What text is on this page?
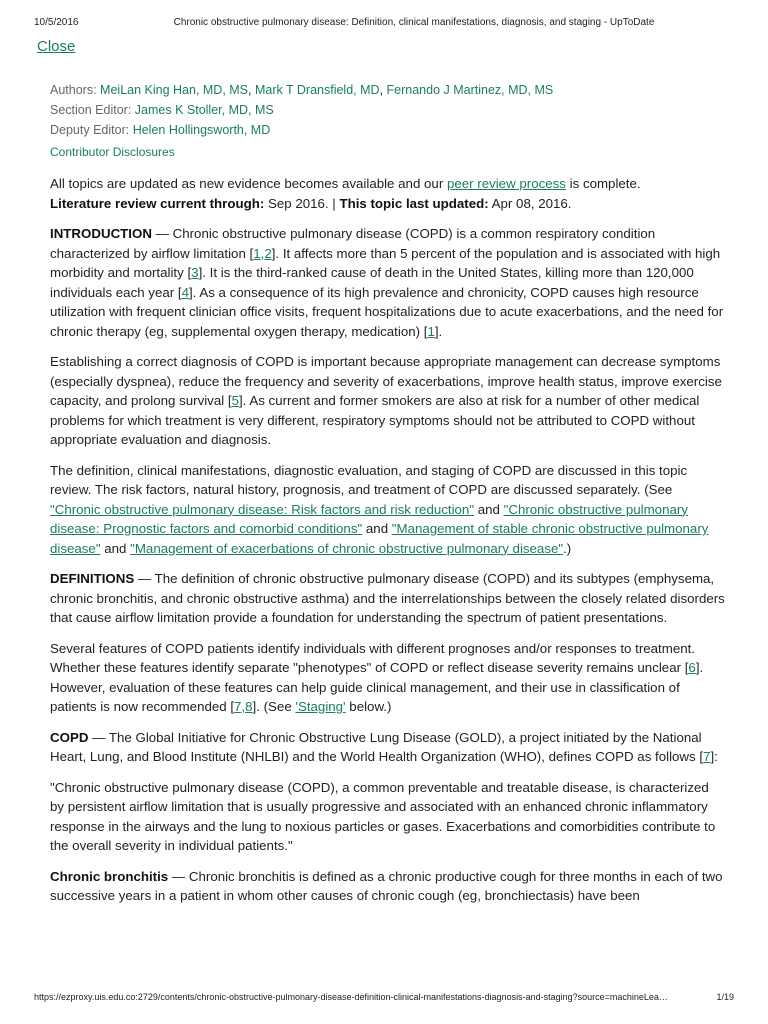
10/5/2016	Chronic obstructive pulmonary disease: Definition, clinical manifestations, diagnosis, and staging - UpToDate
Close
Authors: MeiLan King Han, MD, MS, Mark T Dransfield, MD, Fernando J Martinez, MD, MS
Section Editor: James K Stoller, MD, MS
Deputy Editor: Helen Hollingsworth, MD
Contributor Disclosures

All topics are updated as new evidence becomes available and our peer review process is complete.
Literature review current through: Sep 2016. | This topic last updated: Apr 08, 2016.

INTRODUCTION — Chronic obstructive pulmonary disease (COPD) is a common respiratory condition characterized by airflow limitation [1,2]. It affects more than 5 percent of the population and is associated with high morbidity and mortality [3]. It is the third-ranked cause of death in the United States, killing more than 120,000 individuals each year [4]. As a consequence of its high prevalence and chronicity, COPD causes high resource utilization with frequent clinician office visits, frequent hospitalizations due to acute exacerbations, and the need for chronic therapy (eg, supplemental oxygen therapy, medication) [1].

Establishing a correct diagnosis of COPD is important because appropriate management can decrease symptoms (especially dyspnea), reduce the frequency and severity of exacerbations, improve health status, improve exercise capacity, and prolong survival [5]. As current and former smokers are also at risk for a number of other medical problems for which treatment is very different, respiratory symptoms should not be attributed to COPD without appropriate evaluation and diagnosis.

The definition, clinical manifestations, diagnostic evaluation, and staging of COPD are discussed in this topic review. The risk factors, natural history, prognosis, and treatment of COPD are discussed separately. (See "Chronic obstructive pulmonary disease: Risk factors and risk reduction" and "Chronic obstructive pulmonary disease: Prognostic factors and comorbid conditions" and "Management of stable chronic obstructive pulmonary disease" and "Management of exacerbations of chronic obstructive pulmonary disease".)

DEFINITIONS — The definition of chronic obstructive pulmonary disease (COPD) and its subtypes (emphysema, chronic bronchitis, and chronic obstructive asthma) and the interrelationships between the closely related disorders that cause airflow limitation provide a foundation for understanding the spectrum of patient presentations.

Several features of COPD patients identify individuals with different prognoses and/or responses to treatment. Whether these features identify separate "phenotypes" of COPD or reflect disease severity remains unclear [6]. However, evaluation of these features can help guide clinical management, and their use in classification of patients is now recommended [7,8]. (See 'Staging' below.)

COPD — The Global Initiative for Chronic Obstructive Lung Disease (GOLD), a project initiated by the National Heart, Lung, and Blood Institute (NHLBI) and the World Health Organization (WHO), defines COPD as follows [7]:

"Chronic obstructive pulmonary disease (COPD), a common preventable and treatable disease, is characterized by persistent airflow limitation that is usually progressive and associated with an enhanced chronic inflammatory response in the airways and the lung to noxious particles or gases. Exacerbations and comorbidities contribute to the overall severity in individual patients."

Chronic bronchitis — Chronic bronchitis is defined as a chronic productive cough for three months in each of two successive years in a patient in whom other causes of chronic cough (eg, bronchiectasis) have been

https://ezproxy.uis.edu.co:2729/contents/chronic-obstructive-pulmonary-disease-definition-clinical-manifestations-diagnosis-and-staging?source=machineLea…	1/19
